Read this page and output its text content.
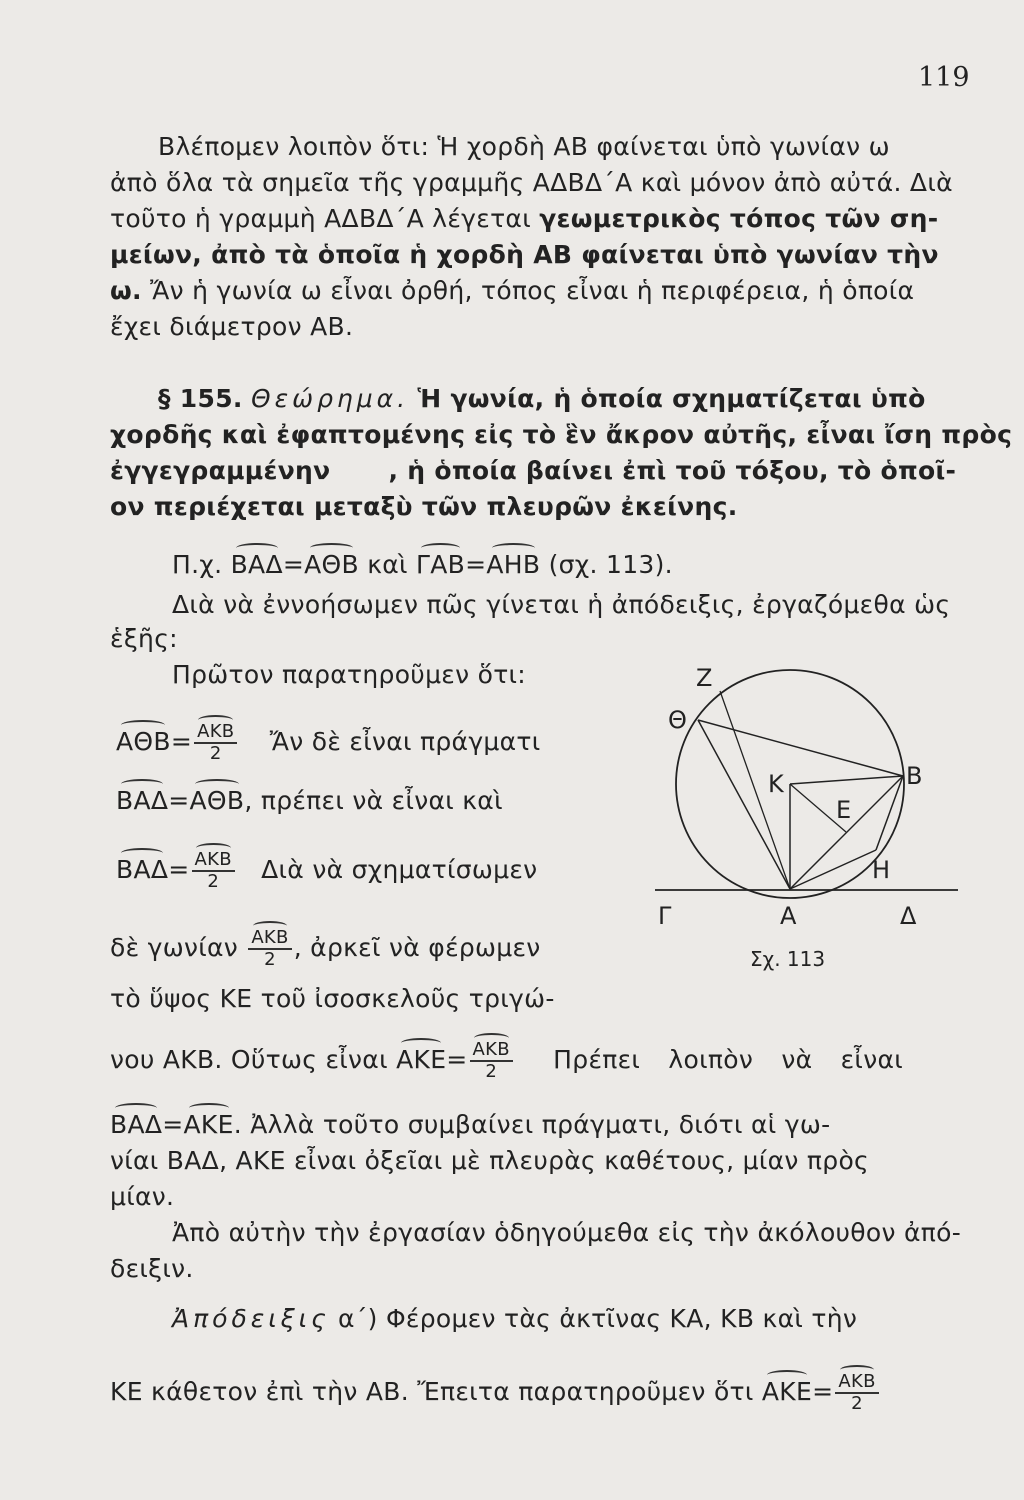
119
Βλέπομεν λοιπὸν ὅτι: Ἡ χορδὴ ΑΒ φαίνεται ὑπὸ γωνίαν ω
ἀπὸ ὅλα τὰ σημεῖα τῆς γραμμῆς ΑΔΒΔ΄Α καὶ μόνον ἀπὸ αὐτά. Διὰ
τοῦτο ἡ γραμμὴ ΑΔΒΔ΄Α λέγεται γεωμετρικὸς τόπος τῶν ση-
μείων, ἀπὸ τὰ ὁποῖα ἡ χορδὴ ΑΒ φαίνεται ὑπὸ γωνίαν τὴν
ω. Ἄν ἡ γωνία ω εἶναι ὀρθή, τόπος εἶναι ἡ περιφέρεια, ἡ ὁποία
ἔχει διάμετρον ΑΒ.
§ 155. Θεώρημα. Ἡ γωνία, ἡ ὁποία σχηματίζεται ὑπὸ
χορδῆς καὶ ἐφαπτομένης εἰς τὸ ἓν ἄκρον αὐτῆς, εἶναι ἴση πρὸς
ἐγγεγραμμένην , ἡ ὁποία βαίνει ἐπὶ τοῦ τόξου, τὸ ὁποῖ-
ον περιέχεται μεταξὺ τῶν πλευρῶν ἐκείνης.
Π.χ. ΒΑΔ=ΑΘΒ καὶ ΓΑΒ=ΑΗΒ (σχ. 113).
Διὰ νὰ ἐννοήσωμεν πῶς γίνεται ἡ ἀπόδειξις, ἐργαζόμεθα ὡς
ἑξῆς:
Πρῶτον παρατηροῦμεν ὅτι:
$A\Theta B= \frac{\text{ΑΚΒ}}{2}$ Ἄν δὲ εἶναι πράγματι
ΒΑΔ=ΑΘΒ, πρέπει νὰ εἶναι καὶ
$BA\Delta= \frac{\text{ΑΚΒ}}{2}$ Διὰ νὰ σχηματίσωμεν
δὲ γωνίαν $\frac{\text{ΑΚΒ}}{2}$ , ἀρκεῖ νὰ φέρωμεν
τὸ ὕψος ΚΕ τοῦ ἰσοσκελοῦς τριγώ-
νου ΑΚΒ. Οὕτως εἶναι $AKE= \frac{\text{ΑΚΒ}}{2}$ Πρέπει λοιπὸν νὰ εἶναι
ΒΑΔ=ΑΚΕ. Ἀλλὰ τοῦτο συμβαίνει πράγματι, διότι αἱ γω-
νίαι ΒΑΔ, ΑΚΕ εἶναι ὀξεῖαι μὲ πλευρὰς καθέτους, μίαν πρὸς
μίαν.
Ἀπὸ αὐτὴν τὴν ἐργασίαν ὁδηγούμεθα εἰς τὴν ἀκόλουθον ἀπό-
δειξιν.
Ἀπόδειξις α΄) Φέρομεν τὰς ἀκτῖνας ΚΑ, ΚΒ καὶ τὴν
ΚΕ κάθετον ἐπὶ τὴν ΑΒ. Ἔπειτα παρατηροῦμεν ὅτι $AKE= \frac{\text{ΑΚΒ}}{2}$
Ζ
Θ
Κ	Β
Ε
Η
Γ	Α	Δ
Σχ. 113
